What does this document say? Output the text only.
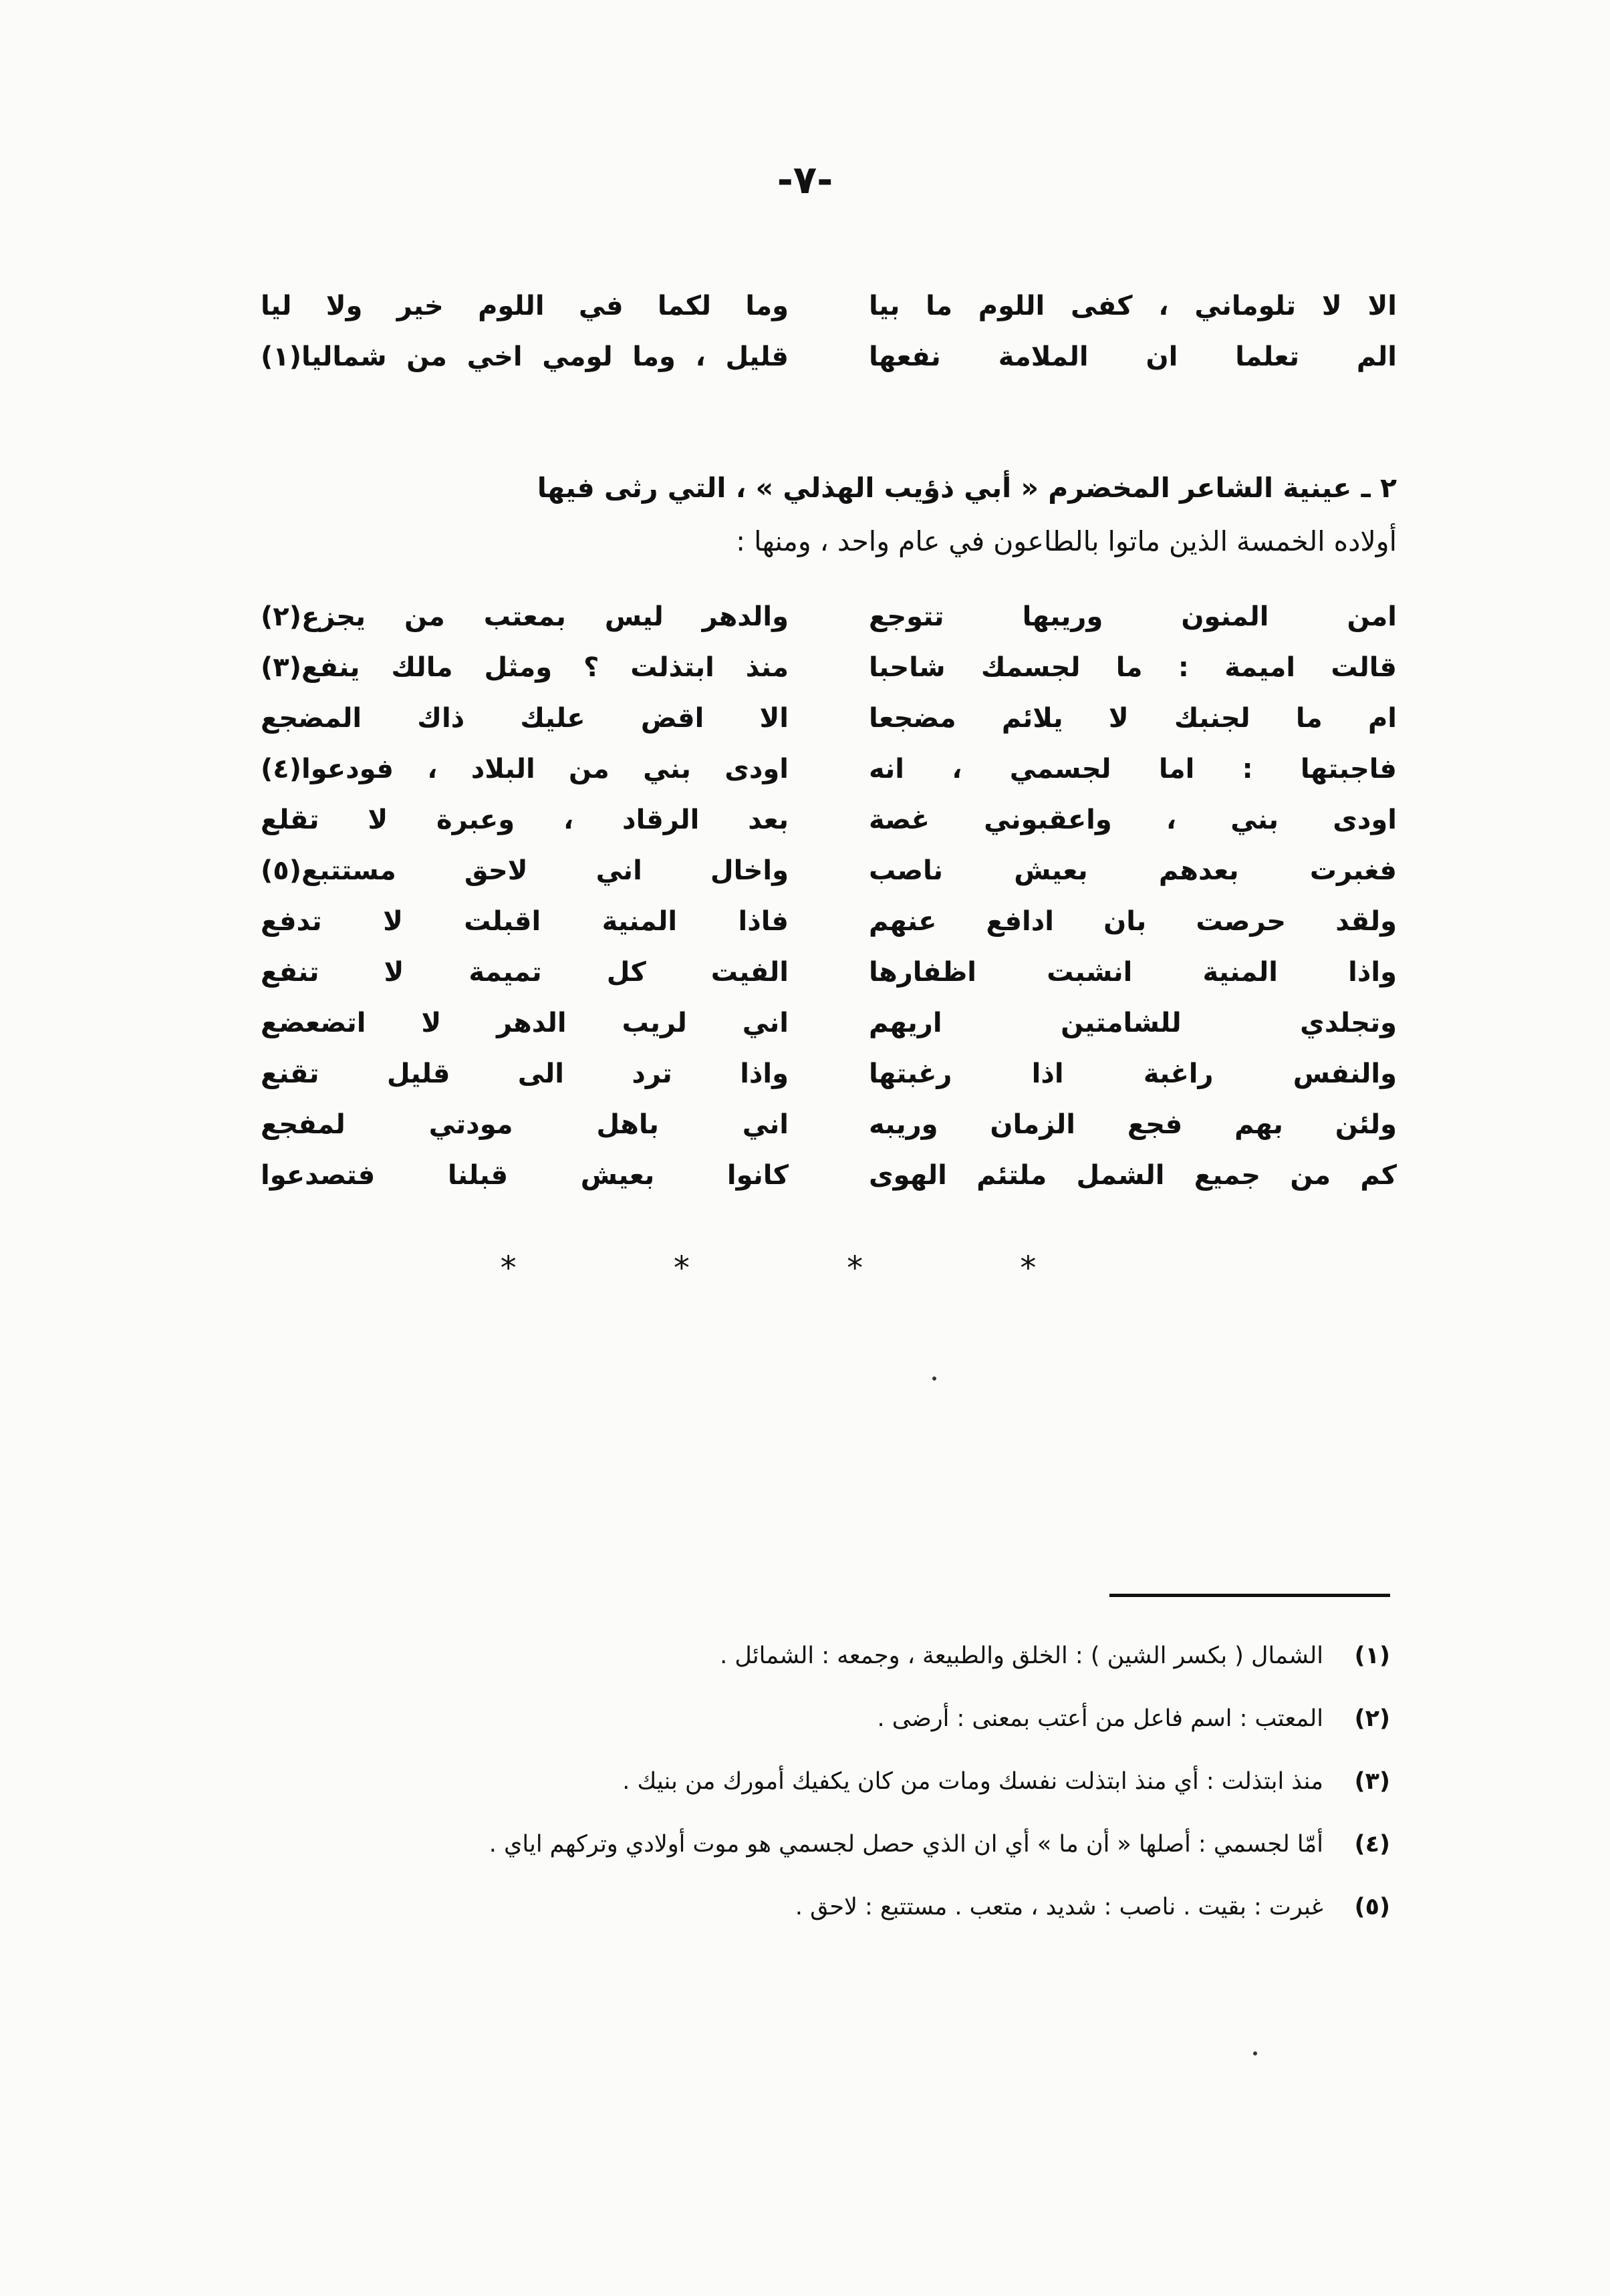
-٧-
الا لا تلوماني ، كفى اللوم ما بيا
وما لكما في اللوم خير ولا ليا
الم تعلما ان الملامة نفعها
قليل ، وما لومي اخي من شماليا(١)
٢ ـ عينية الشاعر المخضرم « أبي ذؤيب الهذلي » ، التي رثى فيها
أولاده الخمسة الذين ماتوا بالطاعون في عام واحد ، ومنها :
امن المنون وريبها تتوجع
والدهر ليس بمعتب من يجزع(٢)
قالت اميمة : ما لجسمك شاحبا
منذ ابتذلت ؟ ومثل مالك ينفع(٣)
ام ما لجنبك لا يلائم مضجعا
الا اقض عليك ذاك المضجع
فاجبتها : اما لجسمي ، انه
اودى بني من البلاد ، فودعوا(٤)
اودى بني ، واعقبوني غصة
بعد الرقاد ، وعبرة لا تقلع
فغبرت بعدهم بعيش ناصب
واخال اني لاحق مستتبع(٥)
ولقد حرصت بان ادافع عنهم
فاذا المنية اقبلت لا تدفع
واذا المنية انشبت اظفارها
الفيت كل تميمة لا تنفع
وتجلدي للشامتين اريهم
اني لريب الدهر لا اتضعضع
والنفس راغبة اذا رغبتها
واذا ترد الى قليل تقنع
ولئن بهم فجع الزمان وريبه
اني باهل مودتي لمفجع
كم من جميع الشمل ملتئم الهوى
كانوا بعيش قبلنا فتصدعوا
* * * *
(١)
الشمال ( بكسر الشين ) : الخلق والطبيعة ، وجمعه : الشمائل .
(٢)
المعتب : اسم فاعل من أعتب بمعنى : أرضى .
(٣)
منذ ابتذلت : أي منذ ابتذلت نفسك ومات من كان يكفيك أمورك من بنيك .
(٤)
أمّا لجسمي : أصلها « أن ما » أي ان الذي حصل لجسمي هو موت أولادي وتركهم اياي .
(٥)
غبرت : بقيت . ناصب : شديد ، متعب . مستتبع : لاحق .
